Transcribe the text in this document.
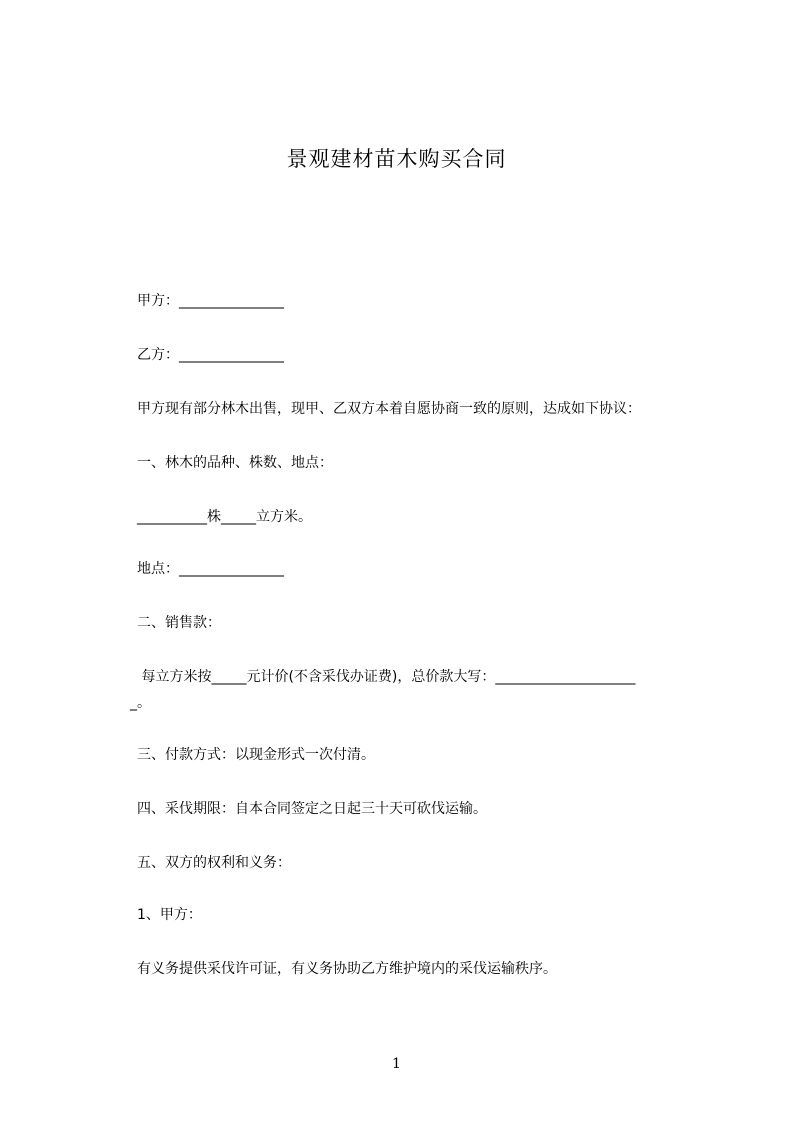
景观建材苗木购买合同
甲方：_______________
乙方：_______________
甲方现有部分林木出售，现甲、乙双方本着自愿协商一致的原则，达成如下协议：
一、林木的品种、株数、地点：
__________株_____立方米。
地点：_______________
二、销售款：
每立方米按_____元计价(不含采伐办证费)，总价款大写：____________________
_。
三、付款方式：以现金形式一次付清。
四、采伐期限：自本合同签定之日起三十天可砍伐运输。
五、双方的权利和义务：
1、甲方：
有义务提供采伐许可证，有义务协助乙方维护境内的采伐运输秩序。
1
